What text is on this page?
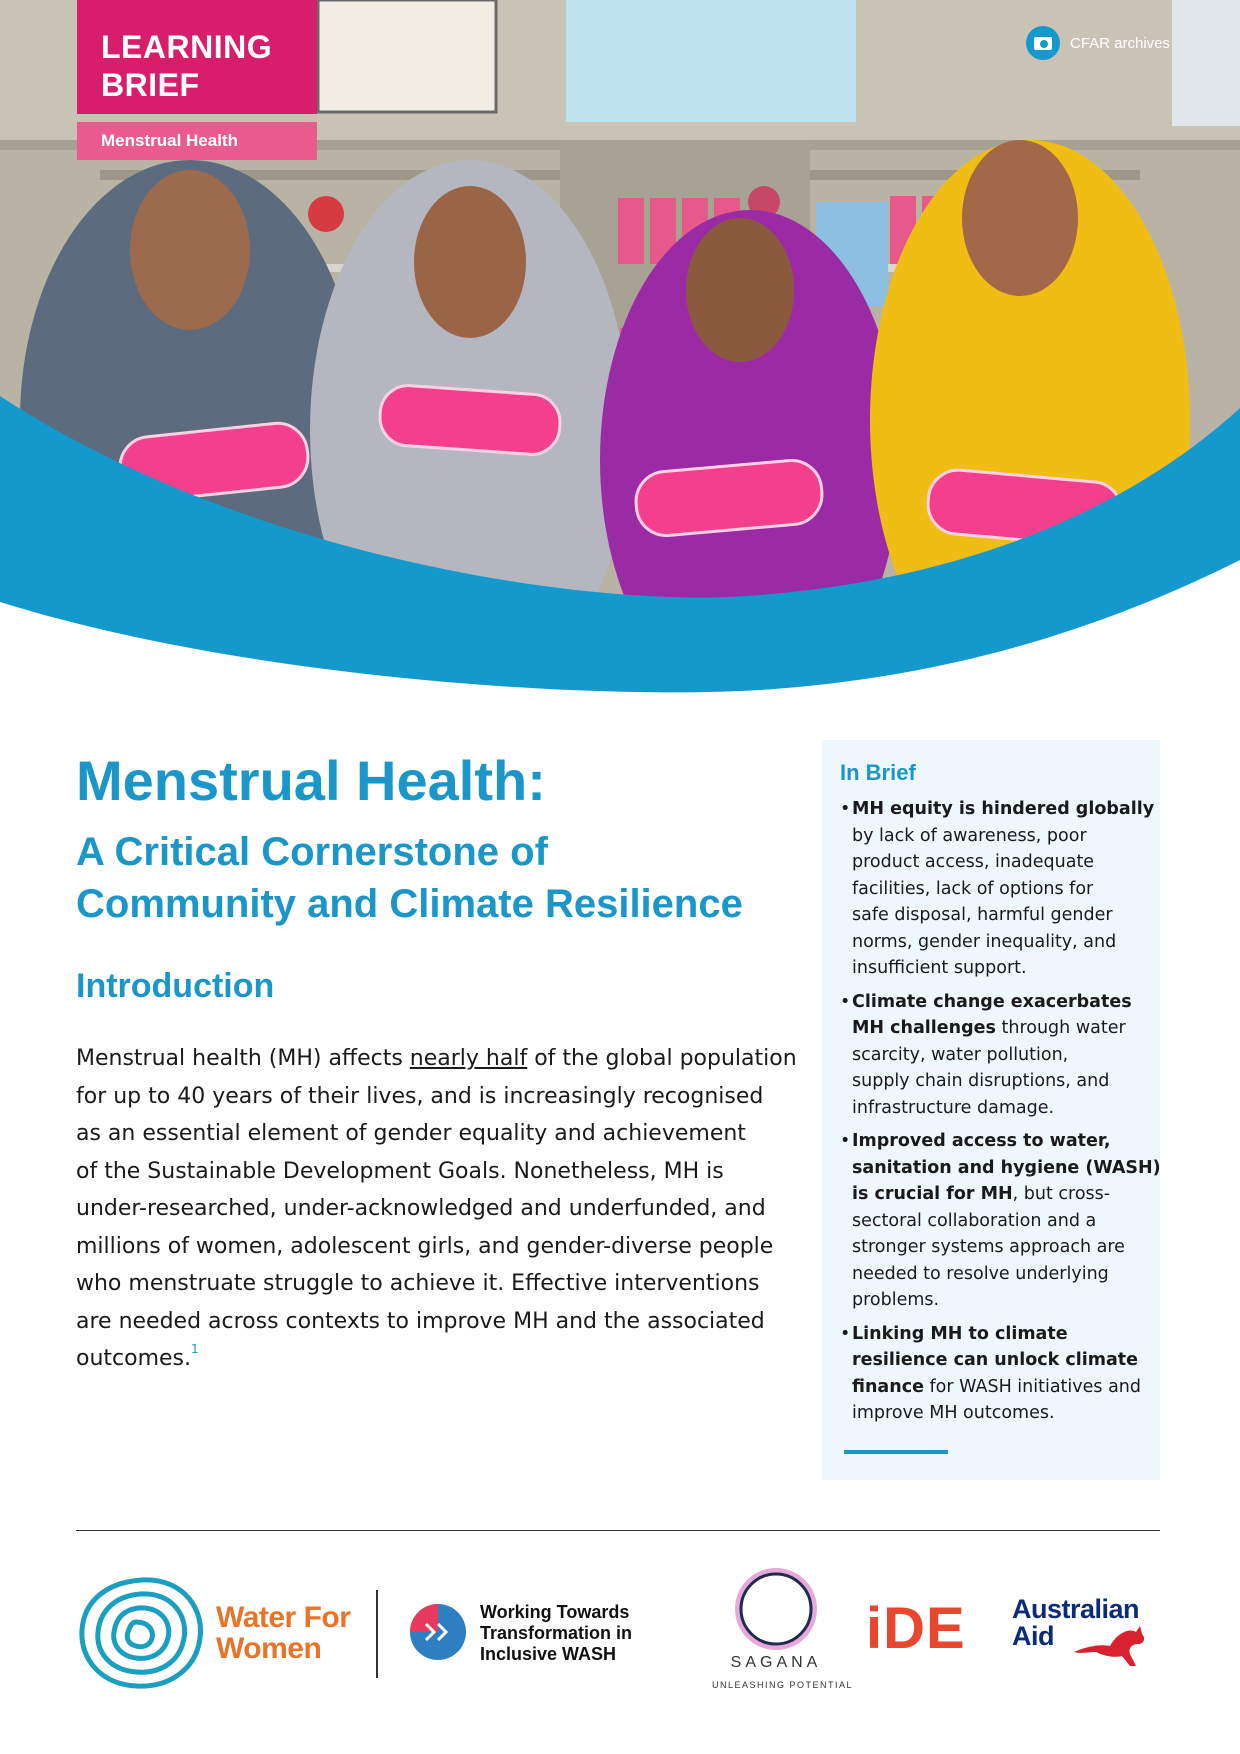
LEARNING
BRIEF
Menstrual Health
CFAR archives
Menstrual Health:
A Critical Cornerstone of
Community and Climate Resilience
Introduction

Menstrual health (MH) affects nearly half of the global population
for up to 40 years of their lives, and is increasingly recognised
as an essential element of gender equality and achievement
of the Sustainable Development Goals. Nonetheless, MH is
under-researched, under-acknowledged and underfunded, and
millions of women, adolescent girls, and gender-diverse people
who menstruate struggle to achieve it. Effective interventions
are needed across contexts to improve MH and the associated
outcomes.$^1$

In Brief
• MH equity is hindered globally
by lack of awareness, poor
product access, inadequate
facilities, lack of options for
safe disposal, harmful gender
norms, gender inequality, and
insufficient support.
• Climate change exacerbates
MH challenges through water
scarcity, water pollution,
supply chain disruptions, and
infrastructure damage.
• Improved access to water,
sanitation and hygiene (WASH)
is crucial for MH, but cross-
sectoral collaboration and a
stronger systems approach are
needed to resolve underlying
problems.
• Linking MH to climate
resilience can unlock climate
finance for WASH initiatives and
improve MH outcomes.
Water For
Women
Working Towards
Transformation in
Inclusive WASH	SAGANA
UNLEASHING POTENTIAL
iDE Australian
Aid
